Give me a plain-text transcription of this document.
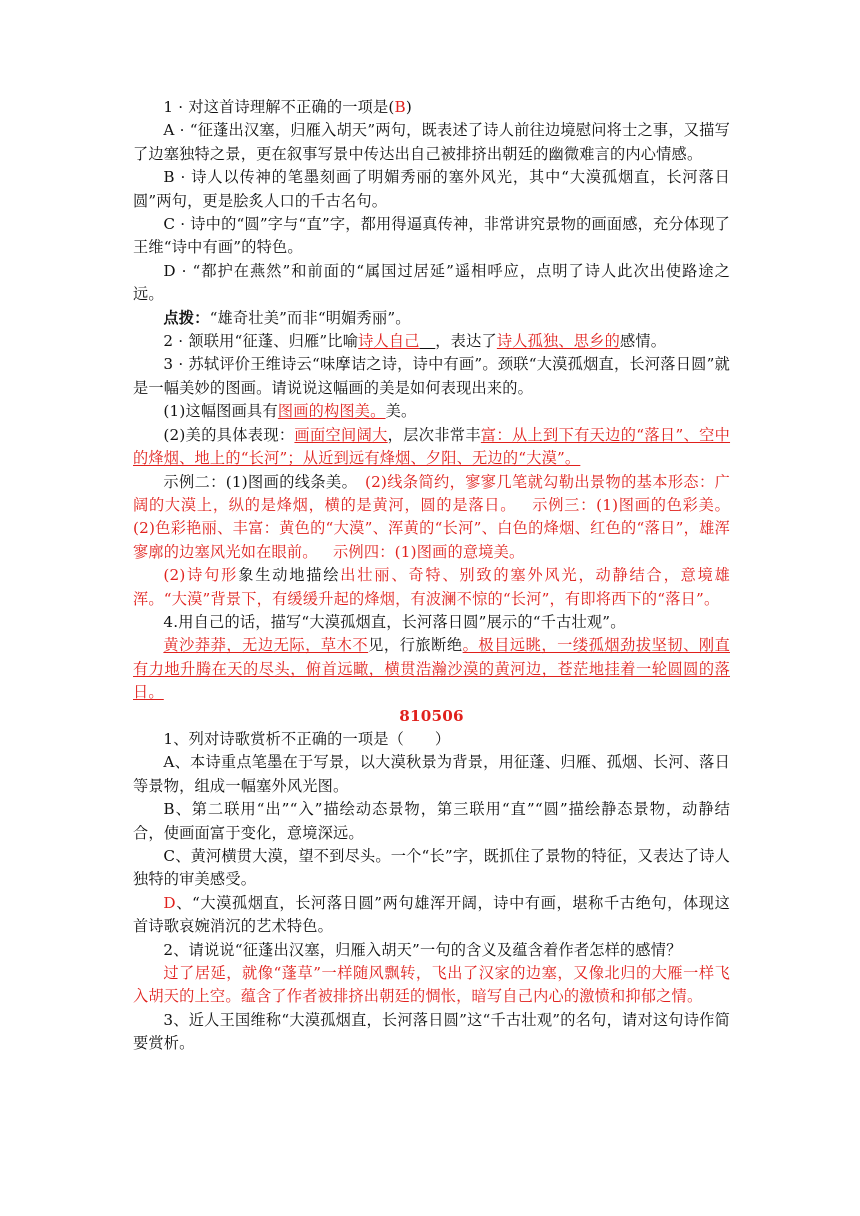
1 · 对这首诗理解不正确的一项是(B)

A · “征蓬出汉塞，归雁入胡天”两句，既表述了诗人前往边境慰问将士之事，又描写了边塞独特之景，更在叙事写景中传达出自己被排挤出朝廷的幽微难言的内心情感。

B · 诗人以传神的笔墨刻画了明媚秀丽的塞外风光，其中“大漠孤烟直，长河落日圆”两句，更是脍炙人口的千古名句。

C · 诗中的“圆”字与“直”字，都用得逼真传神，非常讲究景物的画面感，充分体现了王维“诗中有画”的特色。

D · “都护在燕然”和前面的“属国过居延”遥相呼应，点明了诗人此次出使路途之远。

点拨：“雄奇壮美”而非“明媚秀丽”。

2 · 颔联用“征蓬、归雁”比喻诗人自己   ，表达了诗人孤独、思乡的感情。

3 · 苏轼评价王维诗云“味摩诘之诗，诗中有画”。颈联“大漠孤烟直，长河落日圆”就是一幅美妙的图画。请说说这幅画的美是如何表现出来的。

(1)这幅图画具有图画的构图美。美。

(2)美的具体表现：画面空间阔大，层次非常丰富：从上到下有天边的“落日”、空中的烽烟、地上的“长河”；从近到远有烽烟、夕阳、无边的“大漠”。

示例二：(1)图画的线条美。  (2)线条简约，寥寥几笔就勾勒出景物的基本形态：广阔的大漠上，纵的是烽烟，横的是黄河，圆的是落日。  示例三：(1)图画的色彩美。(2)色彩艳丽、丰富：黄色的“大漠”、浑黄的“长河”、白色的烽烟、红色的“落日”，雄浑寥廓的边塞风光如在眼前。  示例四：(1)图画的意境美。

(2)诗句形象生动地描绘出壮丽、奇特、别致的塞外风光，动静结合，意境雄浑。“大漠”背景下，有缓缓升起的烽烟，有波澜不惊的“长河”，有即将西下的“落日”。

4.用自己的话，描写“大漠孤烟直，长河落日圆”展示的“千古壮观”。

黄沙莽莽，无边无际，草木不见，行旅断绝。极目远眺，一缕孤烟劲拔坚韧、刚直有力地升腾在天的尽头，俯首远瞰，横贯浩瀚沙漠的黄河边，苍茫地挂着一轮圆圆的落日。

810506

1、列对诗歌赏析不正确的一项是（　　）

A、本诗重点笔墨在于写景，以大漠秋景为背景，用征蓬、归雁、孤烟、长河、落日等景物，组成一幅塞外风光图。

B、第二联用“出”“入”描绘动态景物，第三联用“直”“圆”描绘静态景物，动静结合，使画面富于变化，意境深远。

C、黄河横贯大漠，望不到尽头。一个“长”字，既抓住了景物的特征，又表达了诗人独特的审美感受。

D、“大漠孤烟直，长河落日圆”两句雄浑开阔，诗中有画，堪称千古绝句，体现这首诗歌哀婉消沉的艺术特色。

2、请说说“征蓬出汉塞，归雁入胡天”一句的含义及蕴含着作者怎样的感情？

过了居延，就像“蓬草”一样随风飘转，飞出了汉家的边塞，又像北归的大雁一样飞入胡天的上空。蕴含了作者被排挤出朝廷的惆怅，暗写自己内心的激愤和抑郁之情。

3、近人王国维称“大漠孤烟直，长河落日圆”这“千古壮观”的名句，请对这句诗作简要赏析。
